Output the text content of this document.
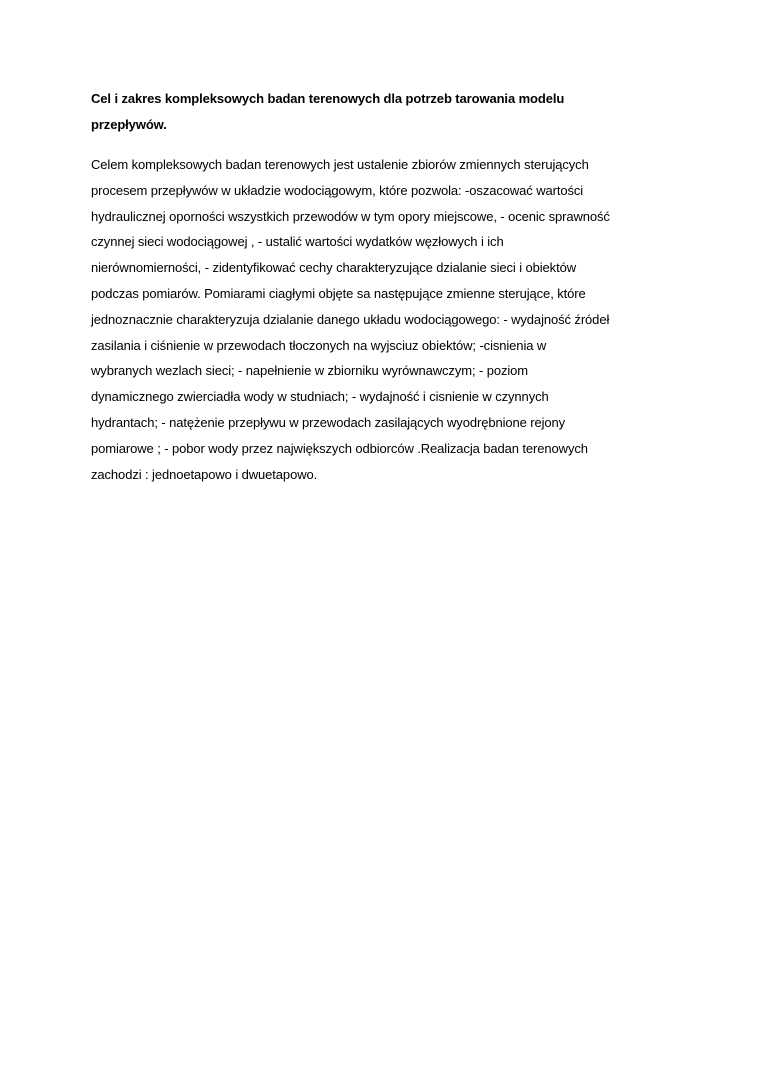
Cel i zakres kompleksowych badan terenowych dla potrzeb tarowania modelu
przepływów.
Celem kompleksowych badan terenowych jest ustalenie zbiorów zmiennych sterujących
procesem przepływów w układzie wodociągowym, które pozwola: -oszacować wartości
hydraulicznej oporności wszystkich przewodów w tym opory miejscowe, - ocenic sprawność
czynnej sieci wodociągowej , - ustalić wartości wydatków węzłowych i ich
nierównomierności, - zidentyfikować cechy charakteryzujące dzialanie sieci i obiektów
podczas pomiarów. Pomiarami ciagłymi objęte sa następujące zmienne sterujące, które
jednoznacznie charakteryzuja dzialanie danego układu wodociągowego: - wydajność źródeł
zasilania i ciśnienie w przewodach tłoczonych na wyjsciuz obiektów; -cisnienia w
wybranych wezlach sieci; - napełnienie w zbiorniku wyrównawczym; - poziom
dynamicznego zwierciadła wody w studniach; - wydajność i cisnienie w czynnych
hydrantach; - natężenie przepływu w przewodach zasilających wyodrębnione rejony
pomiarowe ; - pobor wody przez największych odbiorców .Realizacja badan terenowych
zachodzi : jednoetapowo i dwuetapowo.
